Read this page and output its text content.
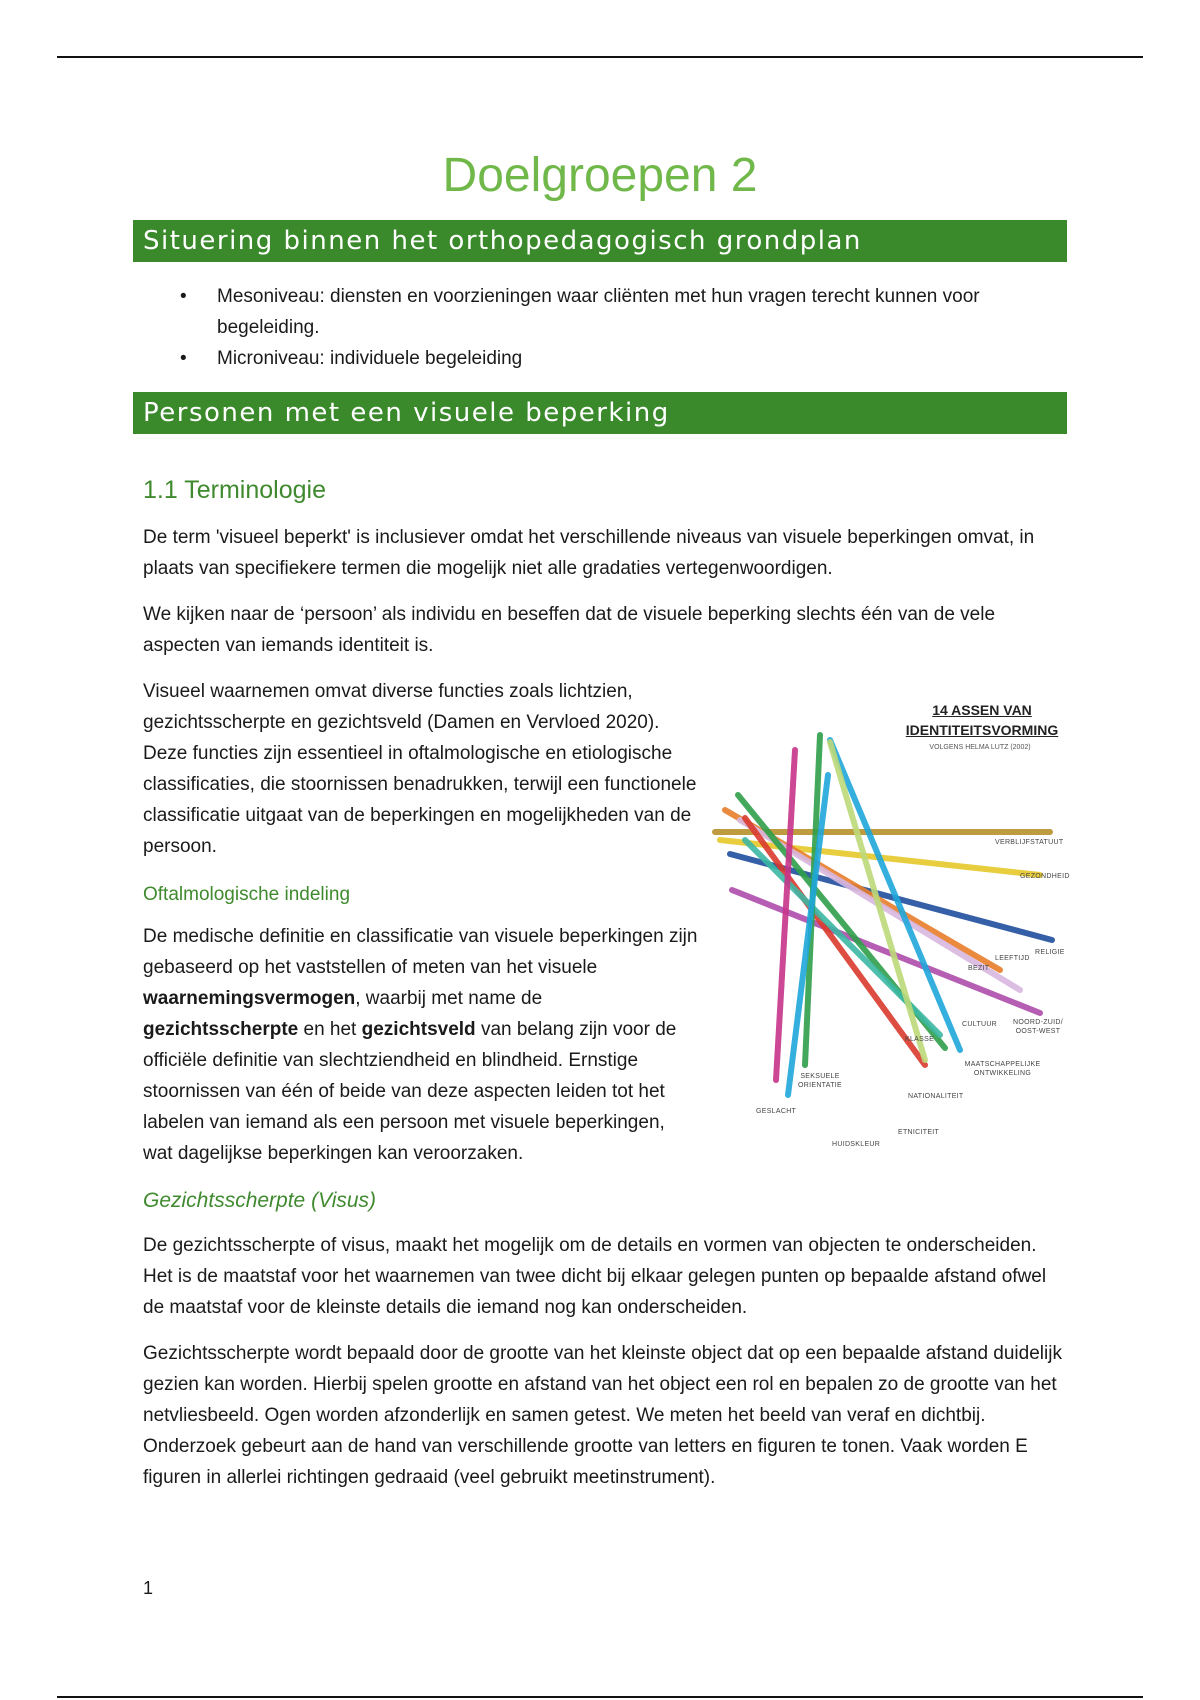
Doelgroepen 2
Situering binnen het orthopedagogisch grondplan
• Mesoniveau: diensten en voorzieningen waar cliënten met hun vragen terecht kunnen voor begeleiding.
• Microniveau: individuele begeleiding
Personen met een visuele beperking
1.1 Terminologie

De term 'visueel beperkt' is inclusiever omdat het verschillende niveaus van visuele beperkingen omvat, in plaats van specifiekere termen die mogelijk niet alle gradaties vertegenwoordigen.

We kijken naar de ‘persoon’ als individu en beseffen dat de visuele beperking slechts één van de vele aspecten van iemands identiteit is.

Visueel waarnemen omvat diverse functies zoals lichtzien, gezichtsscherpte en gezichtsveld (Damen en Vervloed 2020). Deze functies zijn essentieel in oftalmologische en etiologische classificaties, die stoornissen benadrukken, terwijl een functionele classificatie uitgaat van de beperkingen en mogelijkheden van de persoon.

Oftalmologische indeling

De medische definitie en classificatie van visuele beperkingen zijn gebaseerd op het vaststellen of meten van het visuele waarnemingsvermogen, waarbij met name de gezichtsscherpte en het gezichtsveld van belang zijn voor de officiële definitie van slechtziendheid en blindheid. Ernstige stoornissen van één of beide van deze aspecten leiden tot het labelen van iemand als een persoon met visuele beperkingen, wat dagelijkse beperkingen kan veroorzaken.

Gezichtsscherpte (Visus)

De gezichtsscherpte of visus, maakt het mogelijk om de details en vormen van objecten te onderscheiden. Het is de maatstaf voor het waarnemen van twee dicht bij elkaar gelegen punten op bepaalde afstand ofwel de maatstaf voor de kleinste details die iemand nog kan onderscheiden.

Gezichtsscherpte wordt bepaald door de grootte van het kleinste object dat op een bepaalde afstand duidelijk gezien kan worden. Hierbij spelen grootte en afstand van het object een rol en bepalen zo de grootte van het netvliesbeeld. Ogen worden afzonderlijk en samen getest. We meten het beeld van veraf en dichtbij. Onderzoek gebeurt aan de hand van verschillende grootte van letters en figuren te tonen. Vaak worden E figuren in allerlei richtingen gedraaid (veel gebruikt meetinstrument).

14 ASSEN VAN
IDENTITEITSVORMING
VOLGENS HELMA LUTZ (2002)
VERBLIJFSTATUUT
GEZONDHEID
RELIGIE
LEEFTIJD
BEZIT
CULTUUR	NOORD-ZUID/ OOST-WEST
KLASSE
MAATSCHAPPELIJKE ONTWIKKELING
SEKSUELE ORIENTATIE
NATIONALITEIT
GESLACHT
ETNICITEIT
HUIDSKLEUR
1
